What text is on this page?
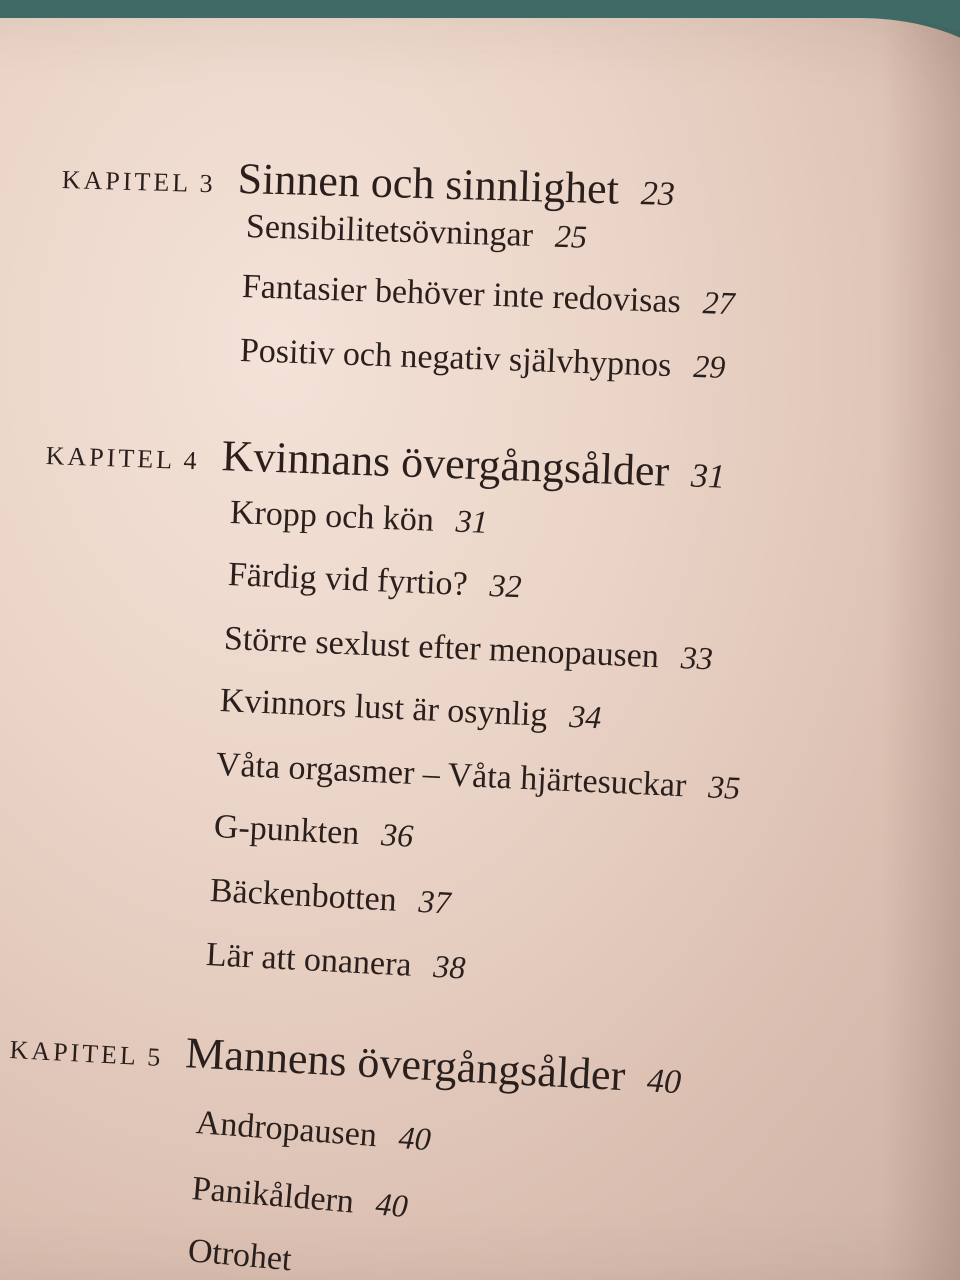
KAPITEL 3 Sinnen och sinnlighet 23
Sensibilitetsövningar 25
Fantasier behöver inte redovisas 27
Positiv och negativ självhypnos 29
KAPITEL 4 Kvinnans övergångsålder 31
Kropp och kön 31
Färdig vid fyrtio? 32
Större sexlust efter menopausen 33
Kvinnors lust är osynlig 34
Våta orgasmer – Våta hjärtesuckar 35
G-punkten 36
Bäckenbotten 37
Lär att onanera 38
KAPITEL 5 Mannens övergångsålder 40
Andropausen 40
Panikåldern 40
Otrohet
